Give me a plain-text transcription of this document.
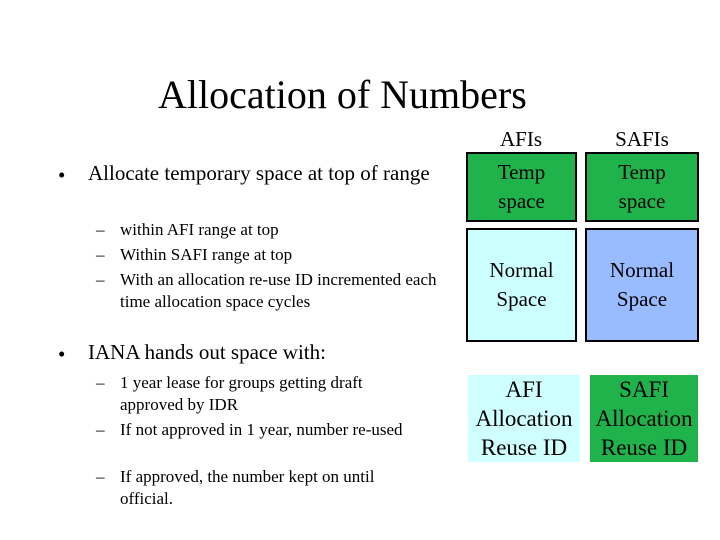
Allocation of Numbers
• Allocate temporary space at top of range
– within AFI range at top
– Within SAFI range at top
– With an allocation re-use ID incremented each time allocation space cycles
• IANA hands out space with:
– 1 year lease for groups getting draft approved by IDR
– If not approved in 1 year, number re-used
– If approved, the number kept on until official.
AFIs	SAFIs
Temp
space
Temp
space
Normal
Space
Normal
Space
AFI
Allocation
Reuse ID
SAFI
Allocation
Reuse ID
